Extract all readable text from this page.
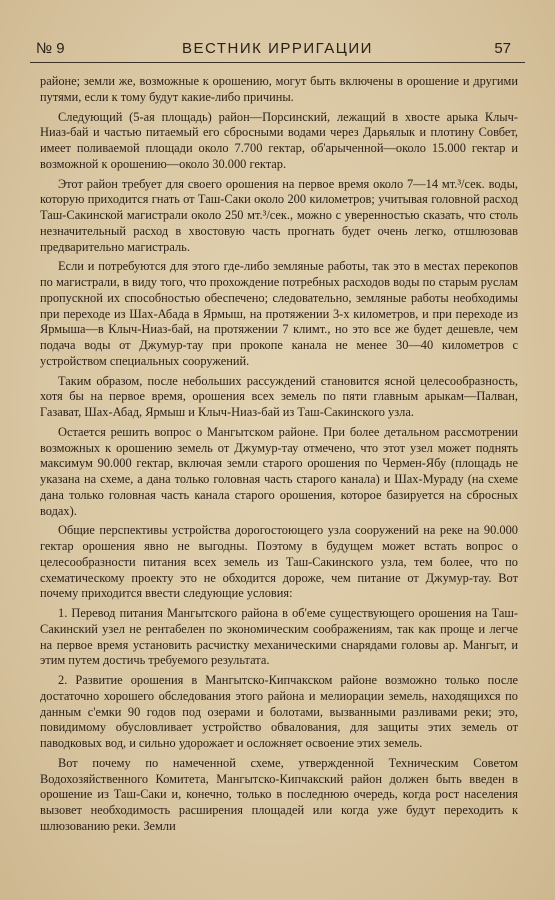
№ 9	ВЕСТНИК ИРРИГАЦИИ	57

районе; земли же, возможные к орошению, могут быть включены в орошение и другими путями, если к тому будут какие-либо причины.

Следующий (5-ая площадь) район—Порсинский, лежащий в хвосте арыка Клыч-Ниаз-бай и частью питаемый его сбросными водами через Дарьялык и плотину Совбет, имеет поливаемой площади около 7.700 гектар, об'арыченной—около 15.000 гектар и возможной к орошению—около 30.000 гектар.

Этот район требует для своего орошения на первое время около 7—14 мт.³/сек. воды, которую приходится гнать от Таш-Саки около 200 километров; учитывая головной расход Таш-Сакинской магистрали около 250 мт.³/сек., можно с уверенностью сказать, что столь незначительный расход в хвостовую часть прогнать будет очень легко, отшлюзовав предварительно магистраль.

Если и потребуются для этого где-либо земляные работы, так это в местах перекопов по магистрали, в виду того, что прохождение потребных расходов воды по старым руслам пропускной их способностью обеспечено; следовательно, земляные работы необходимы при переходе из Шах-Абада в Ярмыш, на протяжении 3-х километров, и при переходе из Ярмыша—в Клыч-Ниаз-бай, на протяжении 7 климт., но это все же будет дешевле, чем подача воды от Джумур-тау при прокопе канала не менее 30—40 километров с устройством специальных сооружений.

Таким образом, после небольших рассуждений становится ясной целесообразность, хотя бы на первое время, орошения всех земель по пяти главным арыкам—Палван, Газават, Шах-Абад, Ярмыш и Клыч-Ниаз-бай из Таш-Сакинского узла.

Остается решить вопрос о Мангытском районе. При более детальном рассмотрении возможных к орошению земель от Джумур-тау отмечено, что этот узел может поднять максимум 90.000 гектар, включая земли старого орошения по Чермен-Ябу (площадь не указана на схеме, а дана только головная часть старого канала) и Шах-Мураду (на схеме дана только головная часть канала старого орошения, которое базируется на сбросных водах).

Общие перспективы устройства дорогостоющего узла сооружений на реке на 90.000 гектар орошения явно не выгодны. Поэтому в будущем может встать вопрос о целесообразности питания всех земель из Таш-Сакинского узла, тем более, что по схематическому проекту это не обходится дороже, чем питание от Джумур-тау. Вот почему приходится ввести следующие условия:

1. Перевод питания Мангытского района в об'еме существующего орошения на Таш-Сакинский узел не рентабелен по экономическим соображениям, так как проще и легче на первое время установить расчистку механическими снарядами головы ар. Мангыт, и этим путем достичь требуемого результата.

2. Развитие орошения в Мангытско-Кипчакском районе возможно только после достаточно хорошего обследования этого района и мелиорации земель, находящихся по данным с'емки 90 годов под озерами и болотами, вызванными разливами реки; это, повидимому обусловливает устройство обвалования, для защиты этих земель от паводковых вод, и сильно удорожает и осложняет освоение этих земель.

Вот почему по намеченной схеме, утвержденной Техническим Советом Водохозяйственного Комитета, Мангытско-Кипчакский район должен быть введен в орошение из Таш-Саки и, конечно, только в последнюю очередь, когда рост населения вызовет необходимость расширения площадей или когда уже будут переходить к шлюзованию реки. Земли
